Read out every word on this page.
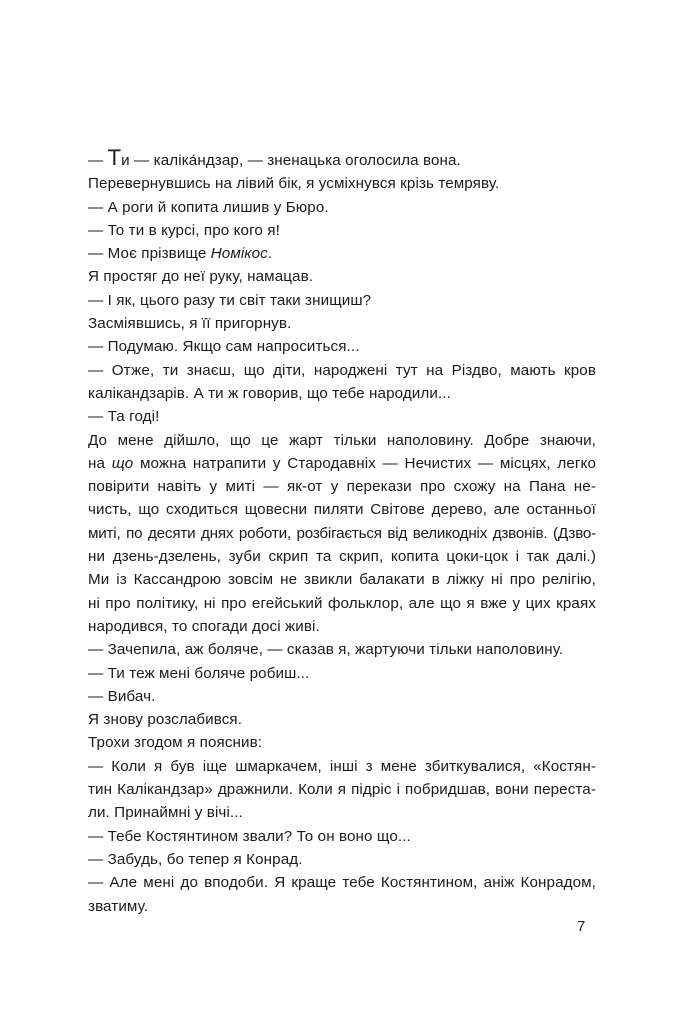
— Ти — каліка́ндзар, — зненацька оголосила вона.
Перевернувшись на лівий бік, я усміхнувся крізь темряву.
— А роги й копита лишив у Бюро.
— То ти в курсі, про кого я!
— Моє прізвище Номікос.
Я простяг до неї руку, намацав.
— І як, цього разу ти світ таки знищиш?
Засміявшись, я її пригорнув.
— Подумаю. Якщо сам напроситься...
— Отже, ти знаєш, що діти, народжені тут на Різдво, мають кров
калікандзарів. А ти ж говорив, що тебе народили...
— Та годі!
До мене дійшло, що це жарт тільки наполовину. Добре знаючи,
на що можна натрапити у Стародавніх — Нечистих — місцях, легко
повірити навіть у миті — як-от у перекази про схожу на Пана не-
чисть, що сходиться щовесни пиляти Світове дерево, але останньої
миті, по десяти днях роботи, розбігається від великодніх дзвонів. (Дзво-
ни дзень-дзелень, зуби скрип та скрип, копита цоки-цок і так далі.)
Ми із Кассандрою зовсім не звикли балакати в ліжку ні про релігію,
ні про політику, ні про егейський фольклор, але що я вже у цих краях
народився, то спогади досі живі.
— Зачепила, аж боляче, — сказав я, жартуючи тільки наполовину.
— Ти теж мені боляче робиш...
— Вибач.
Я знову розслабився.
Трохи згодом я пояснив:
— Коли я був іще шмаркачем, інші з мене збиткувалися, «Костян-
тин Калікандзар» дражнили. Коли я підріс і побридшав, вони переста-
ли. Принаймні у вічі...
— Тебе Костянтином звали? То он воно що...
— Забудь, бо тепер я Конрад.
— Але мені до вподоби. Я краще тебе Костянтином, аніж Конрадом,
зватиму.
7
